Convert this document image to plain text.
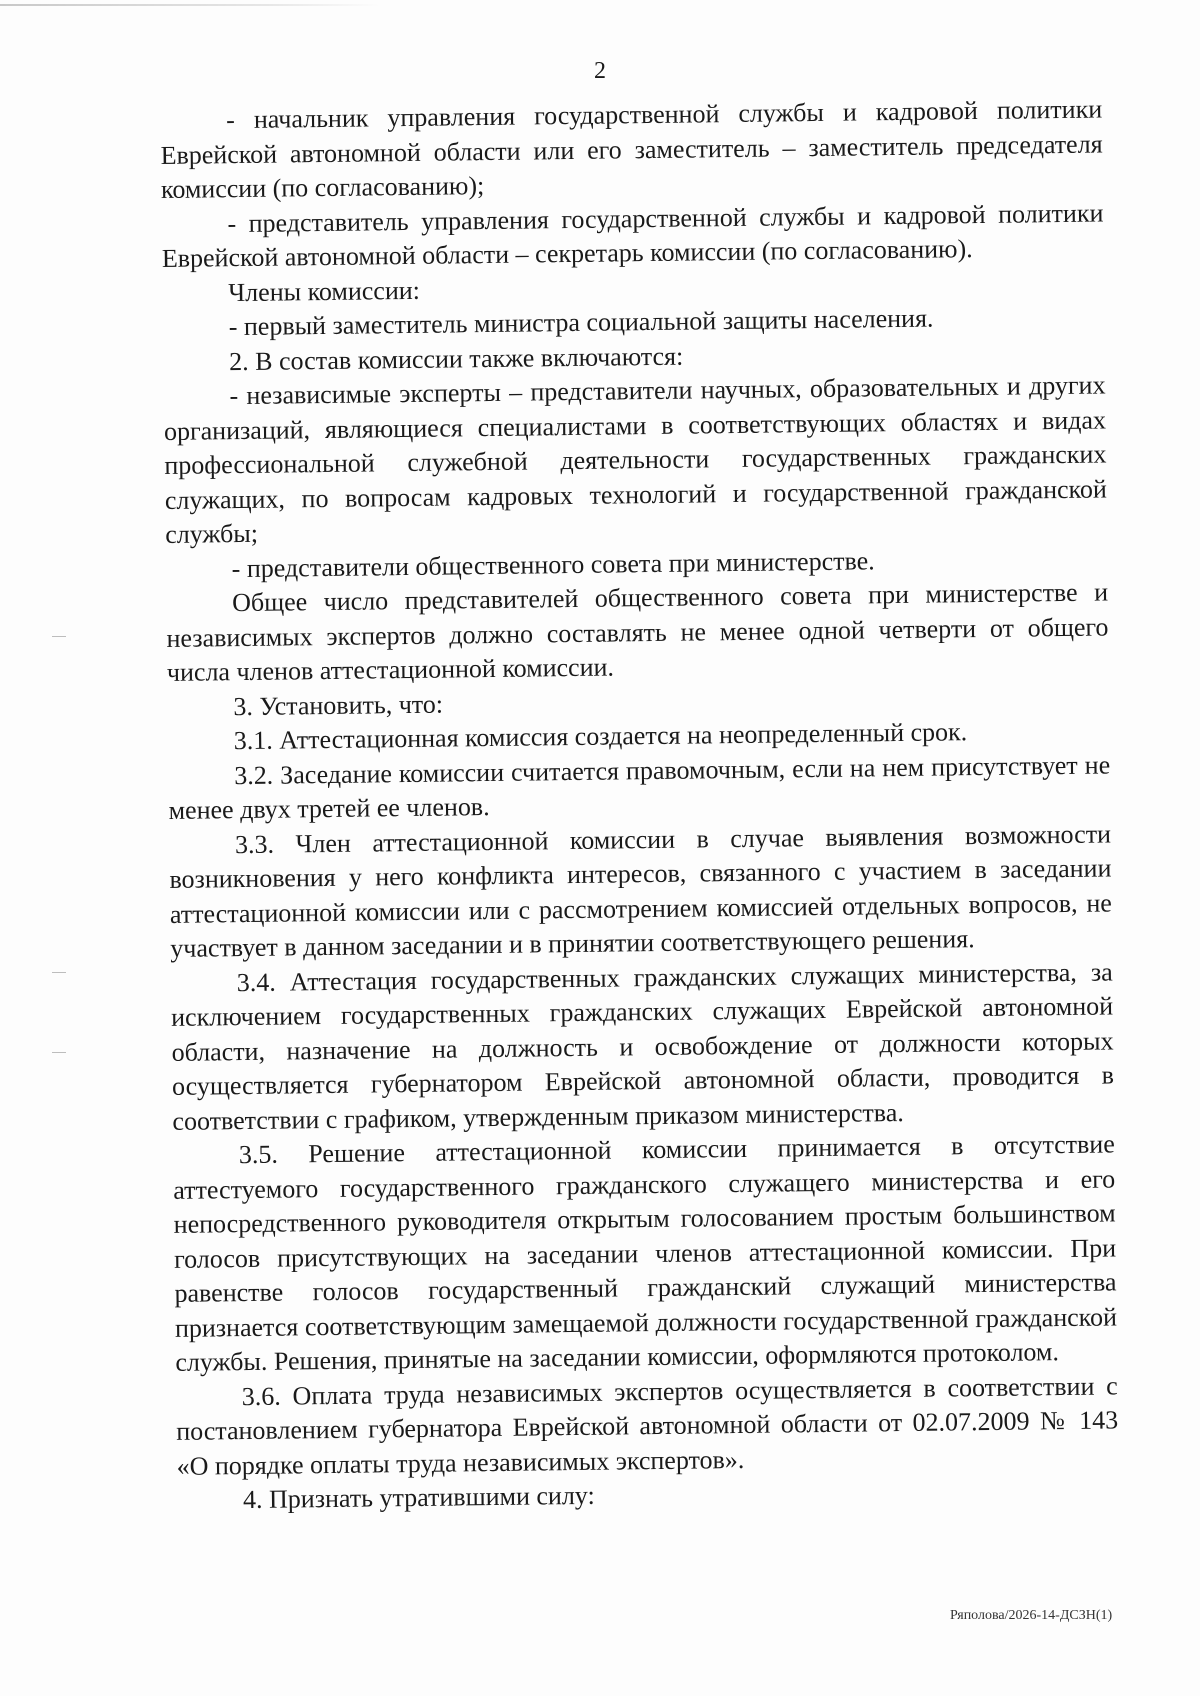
2

- начальник управления государственной службы и кадровой политики Еврейской автономной области или его заместитель – заместитель председателя комиссии (по согласованию);

- представитель управления государственной службы и кадровой политики Еврейской автономной области – секретарь комиссии (по согласованию).

Члены комиссии:

- первый заместитель министра социальной защиты населения.

2. В состав комиссии также включаются:

- независимые эксперты – представители научных, образовательных и других организаций, являющиеся специалистами в соответствующих областях и видах профессиональной служебной деятельности государственных гражданских служащих, по вопросам кадровых технологий и государственной гражданской службы;

- представители общественного совета при министерстве.

Общее число представителей общественного совета при министерстве и независимых экспертов должно составлять не менее одной четверти от общего числа членов аттестационной комиссии.

3. Установить, что:

3.1. Аттестационная комиссия создается на неопределенный срок.

3.2. Заседание комиссии считается правомочным, если на нем присутствует не менее двух третей ее членов.

3.3. Член аттестационной комиссии в случае выявления возможности возникновения у него конфликта интересов, связанного с участием в заседании аттестационной комиссии или с рассмотрением комиссией отдельных вопросов, не участвует в данном заседании и в принятии соответствующего решения.

3.4. Аттестация государственных гражданских служащих министерства, за исключением государственных гражданских служащих Еврейской автономной области, назначение на должность и освобождение от должности которых осуществляется губернатором Еврейской автономной области, проводится в соответствии с графиком, утвержденным приказом министерства.

3.5. Решение аттестационной комиссии принимается в отсутствие аттестуемого государственного гражданского служащего министерства и его непосредственного руководителя открытым голосованием простым большинством голосов присутствующих на заседании членов аттестационной комиссии. При равенстве голосов государственный гражданский служащий министерства признается соответствующим замещаемой должности государственной гражданской службы. Решения, принятые на заседании комиссии, оформляются протоколом.

3.6. Оплата труда независимых экспертов осуществляется в соответствии с постановлением губернатора Еврейской автономной области от 02.07.2009 № 143 «О порядке оплаты труда независимых экспертов».

4. Признать утратившими силу:

Ряполова/2026-14-ДСЗН(1)
